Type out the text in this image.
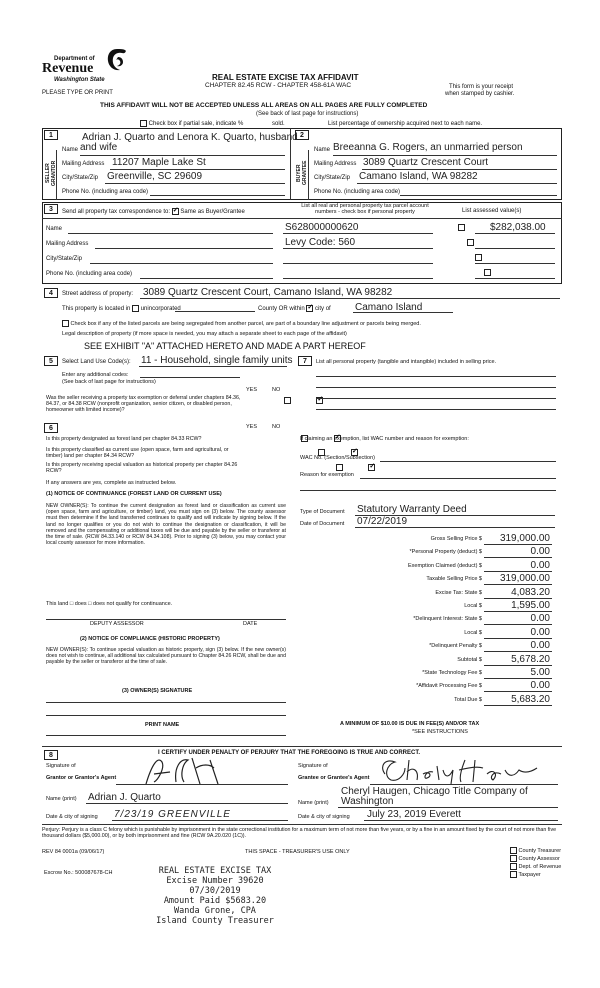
Department of
Revenue
Washington State
PLEASE TYPE OR PRINT
REAL ESTATE EXCISE TAX AFFIDAVIT
CHAPTER 82.45 RCW - CHAPTER 458-61A WAC	This form is your receipt
when stamped by cashier.
THIS AFFIDAVIT WILL NOT BE ACCEPTED UNLESS ALL AREAS ON ALL PAGES ARE FULLY COMPLETED
(See back of last page for instructions)
Check box if partial sale, indicate %	sold.	List percentage of ownership acquired next to each name.
1
SELLER GRANTOR
Adrian J. Quarto and Lenora K. Quarto, husband
Name and wife
Mailing Address 11207 Maple Lake St
City/State/Zip Greenville, SC 29609
Phone No. (including area code)
2
BUYER GRANTEE
Name Breeanna G. Rogers, an unmarried person
Mailing Address 3089 Quartz Crescent Court
City/State/Zip Camano Island, WA 98282
Phone No. (including area code)
3	Send all property tax correspondence to: ✓ Same as Buyer/Grantee
List all real and personal property tax parcel account numbers - check box if personal property	List assessed value(s)
Name
Mailing Address
City/State/Zip
Phone No. (including area code)
S628000000620
	$282,038.00
Levy Code: 560

4	Street address of property: 3089 Quartz Crescent Court, Camano Island, WA 98282
This property is located in unincorporated	County OR within ✓ city of Camano Island
Check box if any of the listed parcels are being segregated from another parcel, are part of a boundary line adjustment or parcels being merged.
Legal description of property (if more space is needed, you may attach a separate sheet to each page of the affidavit)
SEE EXHIBIT "A" ATTACHED HERETO AND MADE A PART HEREOF
5	Select Land Use Code(s): 11 - Household, single family units
Enter any additional codes:
(See back of last page for instructions)
YES	NO
Was the seller receiving a property tax exemption or deferral under chapters 84.36, 84.37, or 84.38 RCW (nonprofit organization, senior citizen, or disabled person, homeowner with limited income)?
✓
6	YES	NO
Is this property designated as forest land per chapter 84.33 RCW?
✓
Is this property classified as current use (open space, farm and agricultural, or timber) land per chapter 84.34 RCW?
✓
Is this property receiving special valuation as historical property per chapter 84.26 RCW?
✓
If any answers are yes, complete as instructed below.
(1) NOTICE OF CONTINUANCE (FOREST LAND OR CURRENT USE)
NEW OWNER(S): To continue the current designation as forest land or classification as current use (open space, farm and agriculture, or timber) land, you must sign on (3) below. The county assessor must then determine if the land transferred continues to qualify and will indicate by signing below. If the land no longer qualifies or you do not wish to continue the designation or classification, it will be removed and the compensating or additional taxes will be due and payable by the seller or transferor at the time of sale. (RCW 84.33.140 or RCW 84.34.108). Prior to signing (3) below, you may contact your local county assessor for more information.
This land □ does □ does not qualify for continuance.
DEPUTY ASSESSOR	DATE
(2) NOTICE OF COMPLIANCE (HISTORIC PROPERTY)
NEW OWNER(S): To continue special valuation as historic property, sign (3) below. If the new owner(s) does not wish to continue, all additional tax calculated pursuant to Chapter 84.26 RCW, shall be due and payable by the seller or transferor at the time of sale.
(3) OWNER(S) SIGNATURE
PRINT NAME
7	List all personal property (tangible and intangible) included in selling price.
If claiming an exemption, list WAC number and reason for exemption:
WAC No. (Section/Subsection)
Reason for exemption
Type of Document Statutory Warranty Deed
Date of Document 07/22/2019
Gross Selling Price $	319,000.00
*Personal Property (deduct) $	0.00
Exemption Claimed (deduct) $	0.00
Taxable Selling Price $	319,000.00
Excise Tax: State $	4,083.20
Local $	1,595.00
*Delinquent Interest: State $	0.00
Local $	0.00
*Delinquent Penalty $	0.00
Subtotal $	5,678.20
*State Technology Fee $	5.00
*Affidavit Processing Fee $	0.00
Total Due $	5,683.20
A MINIMUM OF $10.00 IS DUE IN FEE(S) AND/OR TAX
*SEE INSTRUCTIONS
8	I CERTIFY UNDER PENALTY OF PERJURY THAT THE FOREGOING IS TRUE AND CORRECT.
Signature of
Grantor or Grantor's Agent
Signature of
Grantee or Grantee's Agent
Name (print) Adrian J. Quarto
Cheryl Haugen, Chicago Title Company of
Name (print) Washington
Date & city of signing 7/23/19 GREENVILLE	Date & city of signing July 23, 2019 Everett
Perjury: Perjury is a class C felony which is punishable by imprisonment in the state correctional institution for a maximum term of not more than five years, or by a fine in an amount fixed by the court of not more than five thousand dollars ($5,000.00), or by both imprisonment and fine (RCW 9A.20.020 (1C)).
REV 84 0001a (09/06/17)	THIS SPACE - TREASURER'S USE ONLY	County Treasurer
County Assessor
Dept. of Revenue
Taxpayer
Escrow No.: 500087678-CH	REAL ESTATE EXCISE TAX
Excise Number 39620
07/30/2019
Amount Paid $5683.20
Wanda Grone, CPA
Island County Treasurer
